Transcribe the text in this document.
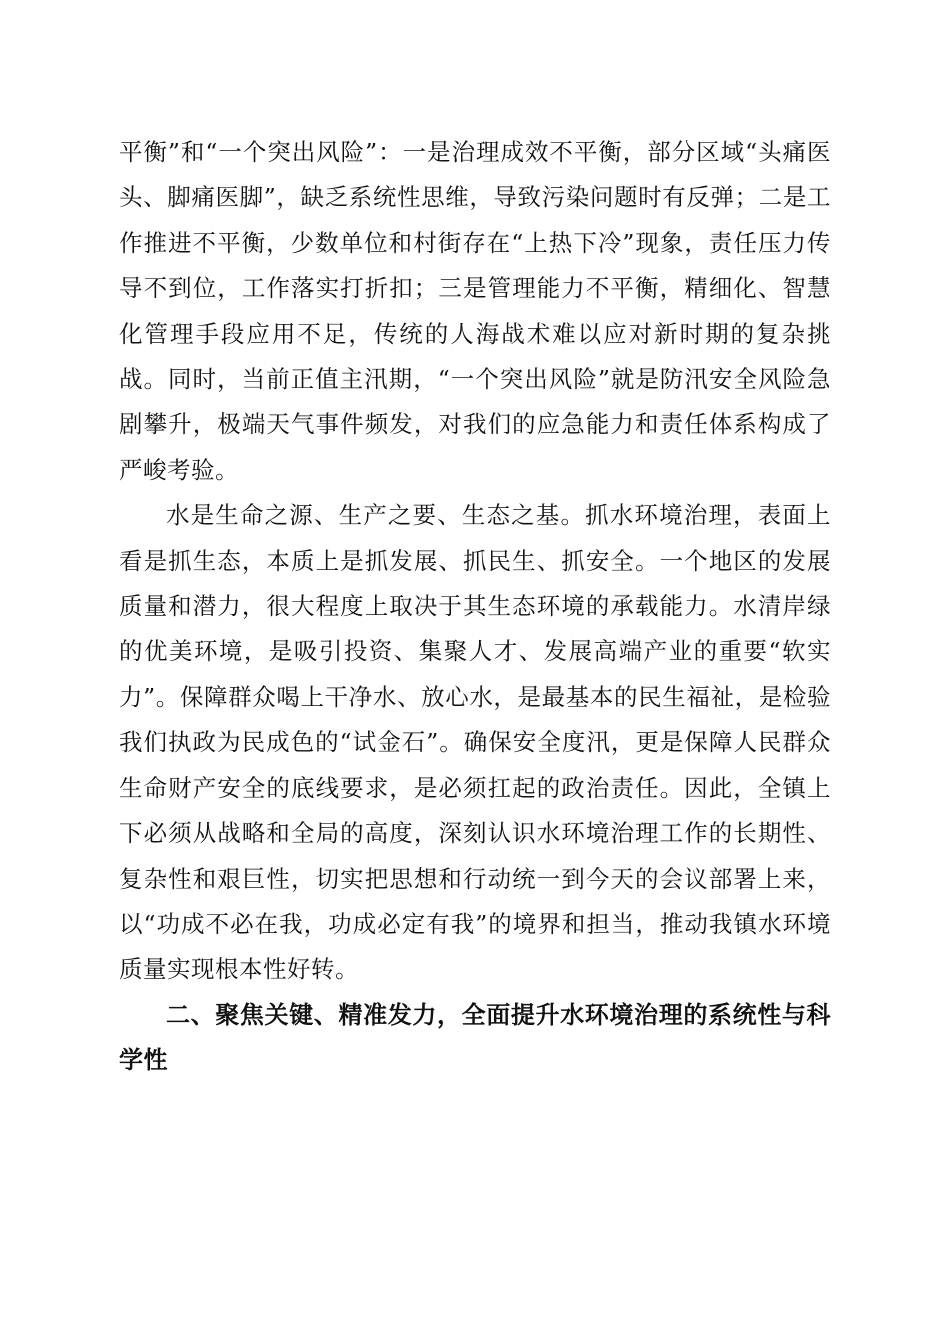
平衡”和“一个突出风险”：一是治理成效不平衡，部分区域“头痛医头、脚痛医脚”，缺乏系统性思维，导致污染问题时有反弹；二是工作推进不平衡，少数单位和村街存在“上热下冷”现象，责任压力传导不到位，工作落实打折扣；三是管理能力不平衡，精细化、智慧化管理手段应用不足，传统的人海战术难以应对新时期的复杂挑战。同时，当前正值主汛期，“一个突出风险”就是防汛安全风险急剧攀升，极端天气事件频发，对我们的应急能力和责任体系构成了严峻考验。

水是生命之源、生产之要、生态之基。抓水环境治理，表面上看是抓生态，本质上是抓发展、抓民生、抓安全。一个地区的发展质量和潜力，很大程度上取决于其生态环境的承载能力。水清岸绿的优美环境，是吸引投资、集聚人才、发展高端产业的重要“软实力”。保障群众喝上干净水、放心水，是最基本的民生福祉，是检验我们执政为民成色的“试金石”。确保安全度汛，更是保障人民群众生命财产安全的底线要求，是必须扛起的政治责任。因此，全镇上下必须从战略和全局的高度，深刻认识水环境治理工作的长期性、复杂性和艰巨性，切实把思想和行动统一到今天的会议部署上来，以“功成不必在我，功成必定有我”的境界和担当，推动我镇水环境质量实现根本性好转。

二、聚焦关键、精准发力，全面提升水环境治理的系统性与科学性
